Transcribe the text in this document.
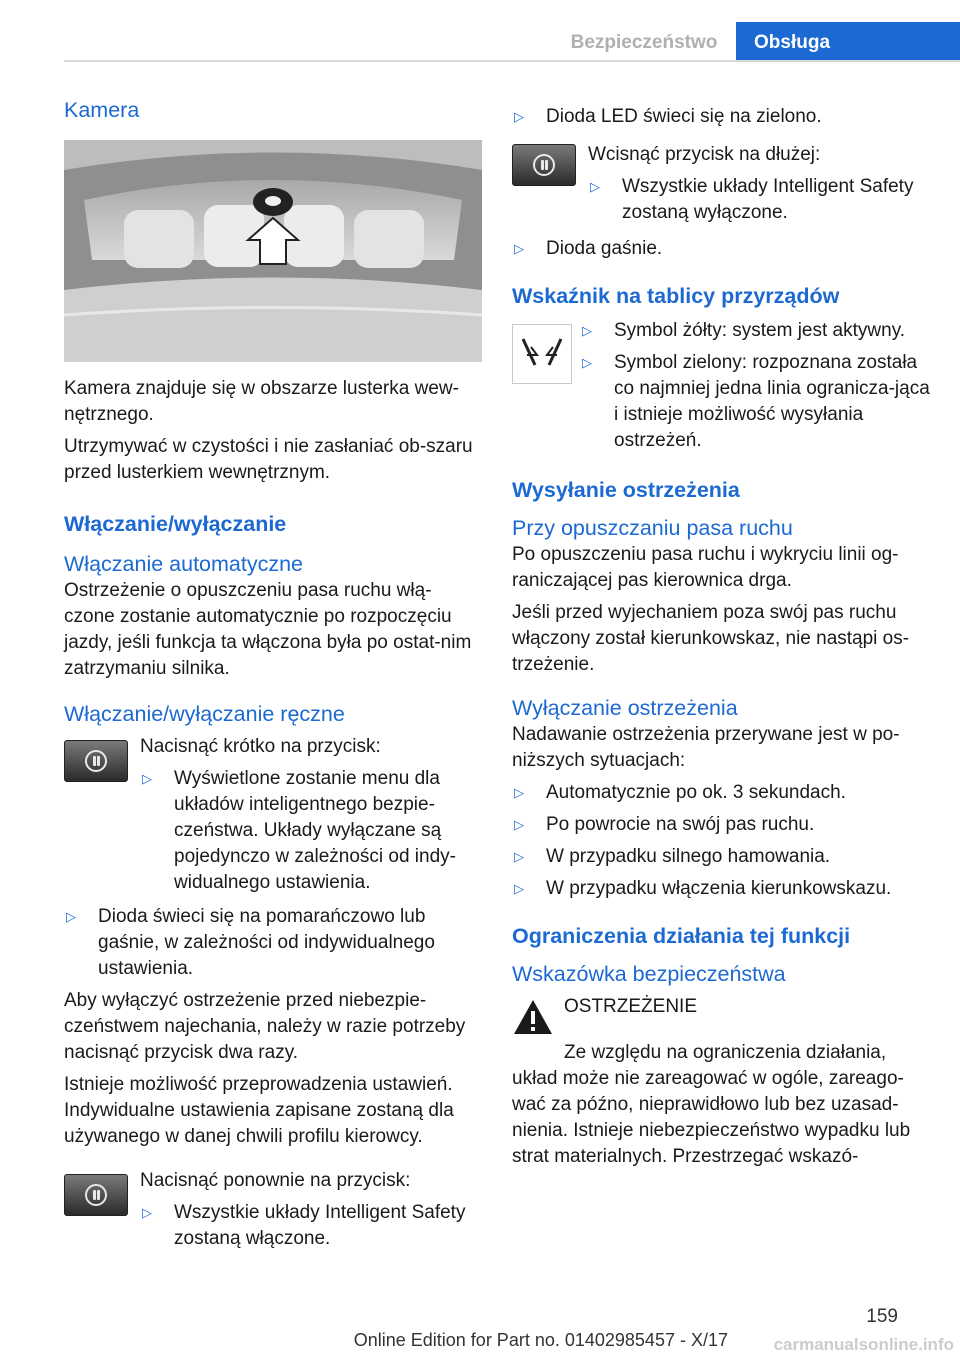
Bezpieczeństwo	Obsługa
Kamera

Kamera znajduje się w obszarze lusterka wew‐nętrznego.

Utrzymywać w czystości i nie zasłaniać ob‐szaru przed lusterkiem wewnętrznym.

Włączanie/wyłączanie
Włączanie automatyczne

Ostrzeżenie o opuszczeniu pasa ruchu włą‐czone zostanie automatycznie po rozpoczęciu jazdy, jeśli funkcja ta włączona była po ostat‐nim zatrzymaniu silnika.

Włączanie/wyłączanie ręczne

Nacisnąć krótko na przycisk:

▷ Wyświetlone zostanie menu dla układów inteligentnego bezpie‐czeństwa. Układy wyłączane są pojedynczo w zależności od indy‐widualnego ustawienia.
▷ Dioda świeci się na pomarańczowo lub gaśnie, w zależności od indywidualnego ustawienia.

Aby wyłączyć ostrzeżenie przed niebezpie‐czeństwem najechania, należy w razie potrzeby nacisnąć przycisk dwa razy.

Istnieje możliwość przeprowadzenia ustawień. Indywidualne ustawienia zapisane zostaną dla używanego w danej chwili profilu kierowcy.

Nacisnąć ponownie na przycisk:

▷ Wszystkie układy Intelligent Safety zostaną włączone.
▷ Dioda LED świeci się na zielono.

Wcisnąć przycisk na dłużej:

▷ Wszystkie układy Intelligent Safety zostaną wyłączone.
▷ Dioda gaśnie.
Wskaźnik na tablicy przyrządów
▷ Symbol żółty: system jest aktywny.
▷ Symbol zielony: rozpoznana została co najmniej jedna linia ogranicza‐jąca i istnieje możliwość wysyłania ostrzeżeń.
Wysyłanie ostrzeżenia
Przy opuszczaniu pasa ruchu

Po opuszczeniu pasa ruchu i wykryciu linii og‐raniczającej pas kierownica drga.

Jeśli przed wyjechaniem poza swój pas ruchu włączony został kierunkowskaz, nie nastąpi os‐trzeżenie.

Wyłączanie ostrzeżenia

Nadawanie ostrzeżenia przerywane jest w po‐niższych sytuacjach:

▷ Automatycznie po ok. 3 sekundach.
▷ Po powrocie na swój pas ruchu.
▷ W przypadku silnego hamowania.
▷ W przypadku włączenia kierunkowskazu.
Ograniczenia działania tej funkcji
Wskazówka bezpieczeństwa

OSTRZEŻENIE

Ze względu na ograniczenia działania, układ może nie zareagować w ogóle, zareago‐wać za późno, nieprawidłowo lub bez uzasad‐nienia. Istnieje niebezpieczeństwo wypadku lub strat materialnych. Przestrzegać wskazó‐

159
Online Edition for Part no. 01402985457 - X/17	carmanualsonline.info
